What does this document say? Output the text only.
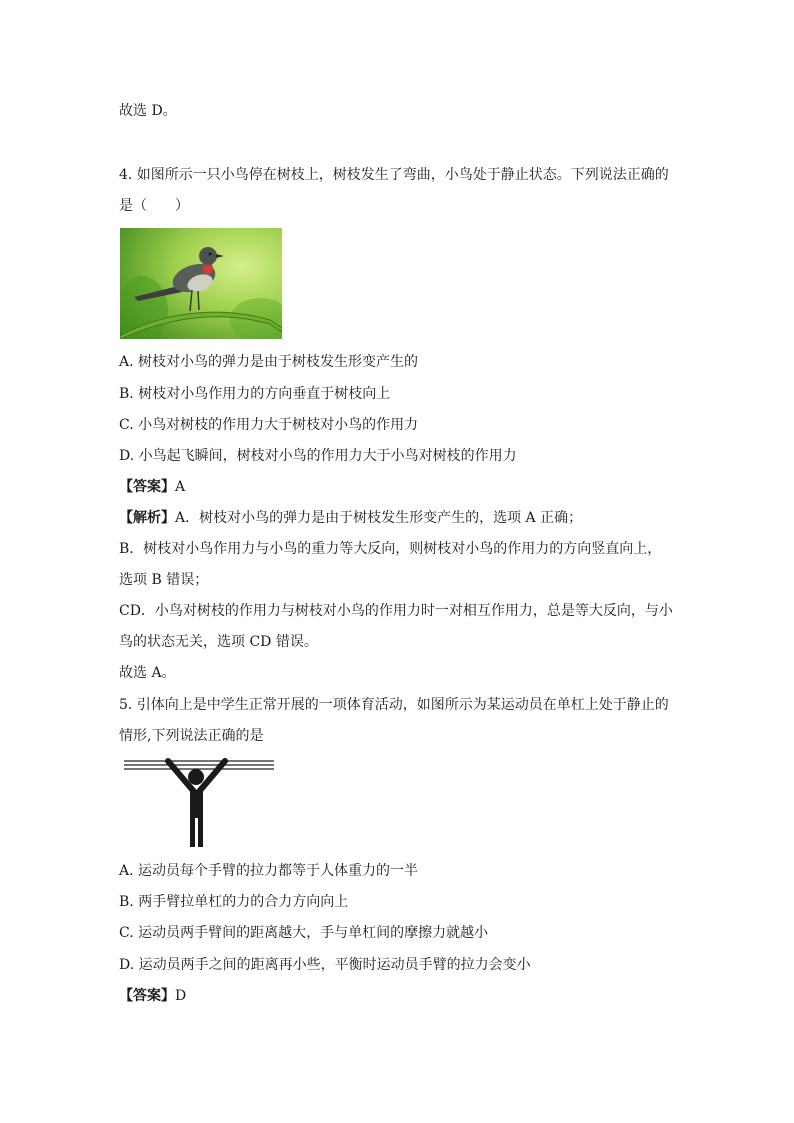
故选 D。
4. 如图所示一只小鸟停在树枝上，树枝发生了弯曲，小鸟处于静止状态。下列说法正确的
是（　　）
A. 树枝对小鸟的弹力是由于树枝发生形变产生的
B. 树枝对小鸟作用力的方向垂直于树枝向上
C. 小鸟对树枝的作用力大于树枝对小鸟的作用力
D. 小鸟起飞瞬间，树枝对小鸟的作用力大于小鸟对树枝的作用力
【答案】A
【解析】A．树枝对小鸟的弹力是由于树枝发生形变产生的，选项 A 正确；
B．树枝对小鸟作用力与小鸟的重力等大反向，则树枝对小鸟的作用力的方向竖直向上，
选项 B 错误；
CD．小鸟对树枝的作用力与树枝对小鸟的作用力时一对相互作用力，总是等大反向，与小
鸟的状态无关，选项 CD 错误。
故选 A。
5. 引体向上是中学生正常开展的一项体育活动，如图所示为某运动员在单杠上处于静止的
情形,下列说法正确的是
A. 运动员每个手臂的拉力都等于人体重力的一半
B. 两手臂拉单杠的力的合力方向向上
C. 运动员两手臂间的距离越大，手与单杠间的摩擦力就越小
D. 运动员两手之间的距离再小些，平衡时运动员手臂的拉力会变小
【答案】D
